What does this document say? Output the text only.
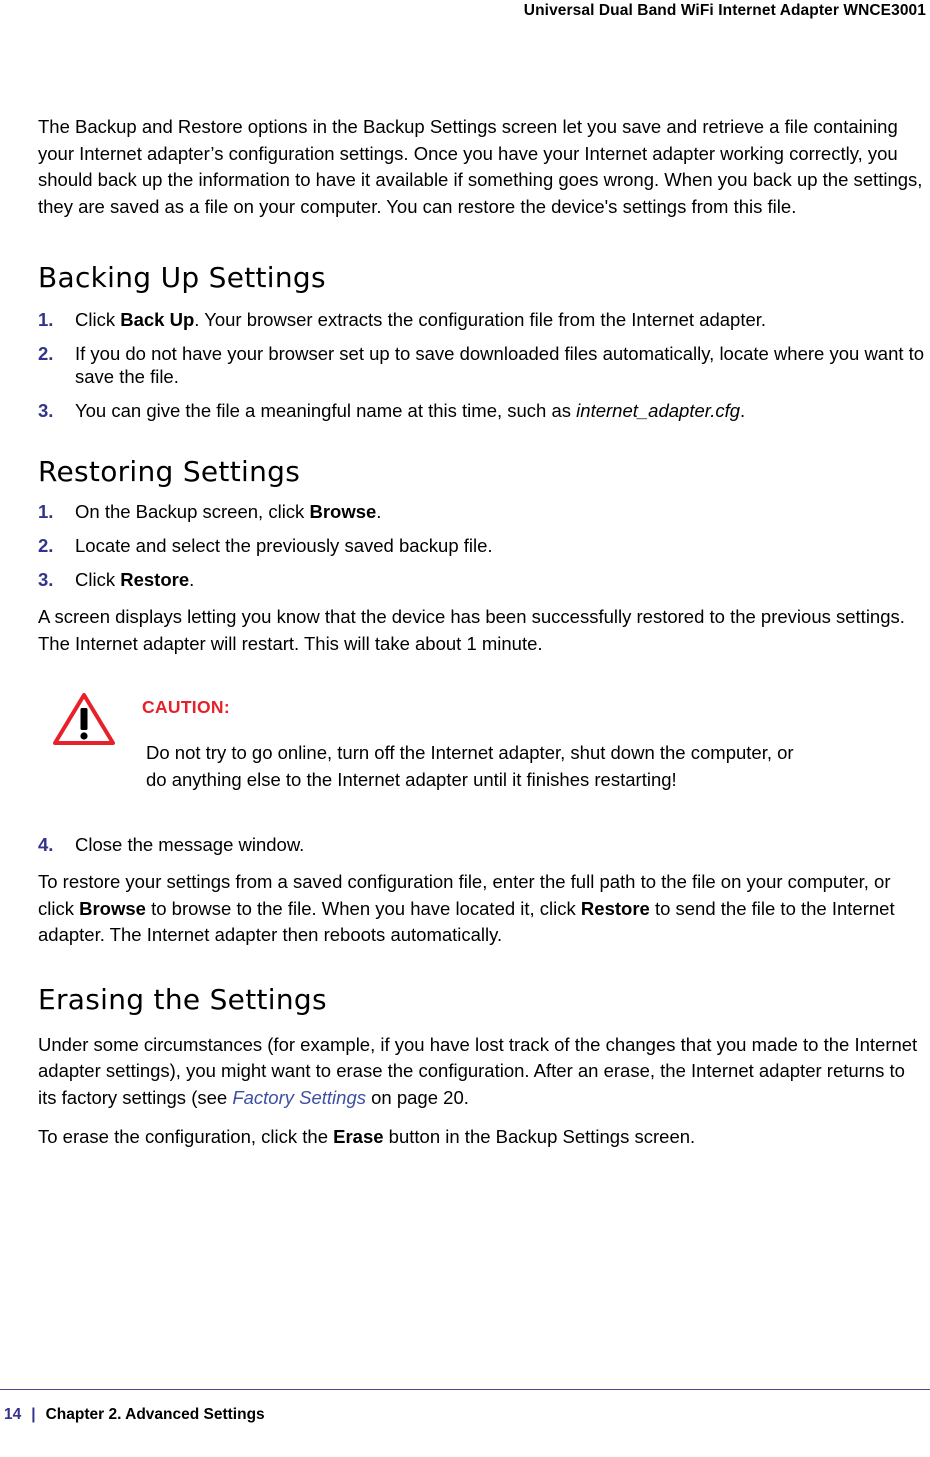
Universal Dual Band WiFi Internet Adapter WNCE3001

The Backup and Restore options in the Backup Settings screen let you save and retrieve a file containing your Internet adapter’s configuration settings. Once you have your Internet adapter working correctly, you should back up the information to have it available if something goes wrong. When you back up the settings, they are saved as a file on your computer. You can restore the device's settings from this file.

Backing Up Settings
1.	Click Back Up. Your browser extracts the configuration file from the Internet adapter.
2.	If you do not have your browser set up to save downloaded files automatically, locate where you want to save the file.
3.	You can give the file a meaningful name at this time, such as internet_adapter.cfg.
Restoring Settings
1.	On the Backup screen, click Browse.
2.	Locate and select the previously saved backup file.
3.	Click Restore.

A screen displays letting you know that the device has been successfully restored to the previous settings. The Internet adapter will restart. This will take about 1 minute.

CAUTION:
Do not try to go online, turn off the Internet adapter, shut down the computer, or do anything else to the Internet adapter until it finishes restarting!
4.	Close the message window.

To restore your settings from a saved configuration file, enter the full path to the file on your computer, or click Browse to browse to the file. When you have located it, click Restore to send the file to the Internet adapter. The Internet adapter then reboots automatically.

Erasing the Settings

Under some circumstances (for example, if you have lost track of the changes that you made to the Internet adapter settings), you might want to erase the configuration. After an erase, the Internet adapter returns to its factory settings (see Factory Settings on page 20.

To erase the configuration, click the Erase button in the Backup Settings screen.

14 | Chapter 2. Advanced Settings
